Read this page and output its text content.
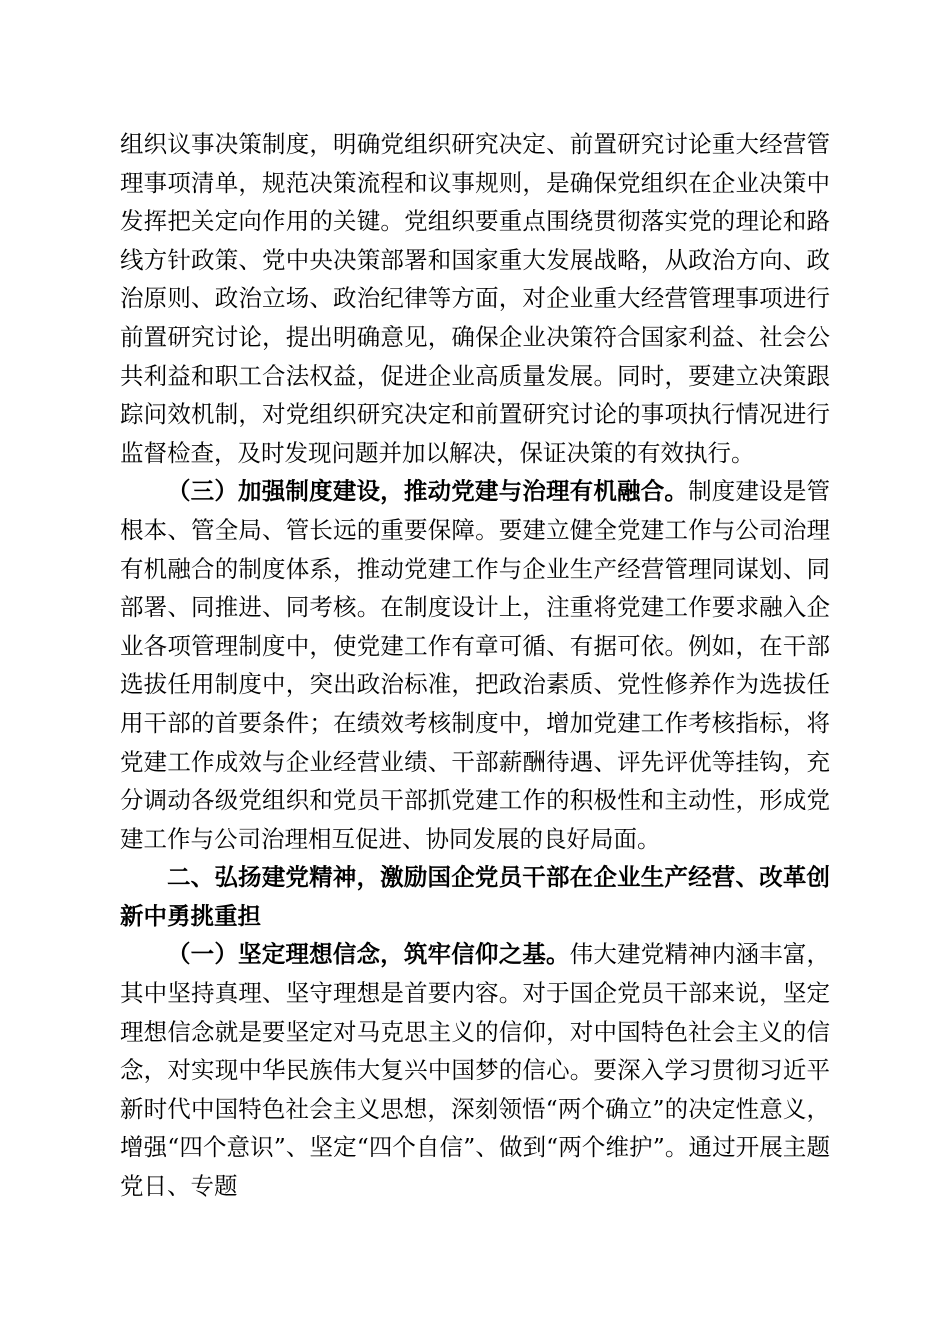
组织议事决策制度，明确党组织研究决定、前置研究讨论重大经营管理事项清单，规范决策流程和议事规则，是确保党组织在企业决策中发挥把关定向作用的关键。党组织要重点围绕贯彻落实党的理论和路线方针政策、党中央决策部署和国家重大发展战略，从政治方向、政治原则、政治立场、政治纪律等方面，对企业重大经营管理事项进行前置研究讨论，提出明确意见，确保企业决策符合国家利益、社会公共利益和职工合法权益，促进企业高质量发展。同时，要建立决策跟踪问效机制，对党组织研究决定和前置研究讨论的事项执行情况进行监督检查，及时发现问题并加以解决，保证决策的有效执行。

（三）加强制度建设，推动党建与治理有机融合。制度建设是管根本、管全局、管长远的重要保障。要建立健全党建工作与公司治理有机融合的制度体系，推动党建工作与企业生产经营管理同谋划、同部署、同推进、同考核。在制度设计上，注重将党建工作要求融入企业各项管理制度中，使党建工作有章可循、有据可依。例如，在干部选拔任用制度中，突出政治标准，把政治素质、党性修养作为选拔任用干部的首要条件；在绩效考核制度中，增加党建工作考核指标，将党建工作成效与企业经营业绩、干部薪酬待遇、评先评优等挂钩，充分调动各级党组织和党员干部抓党建工作的积极性和主动性，形成党建工作与公司治理相互促进、协同发展的良好局面。

二、弘扬建党精神，激励国企党员干部在企业生产经营、改革创新中勇挑重担

（一）坚定理想信念，筑牢信仰之基。伟大建党精神内涵丰富，其中坚持真理、坚守理想是首要内容。对于国企党员干部来说，坚定理想信念就是要坚定对马克思主义的信仰，对中国特色社会主义的信念，对实现中华民族伟大复兴中国梦的信心。要深入学习贯彻习近平新时代中国特色社会主义思想，深刻领悟“两个确立”的决定性意义，增强“四个意识”、坚定“四个自信”、做到“两个维护”。通过开展主题党日、专题
